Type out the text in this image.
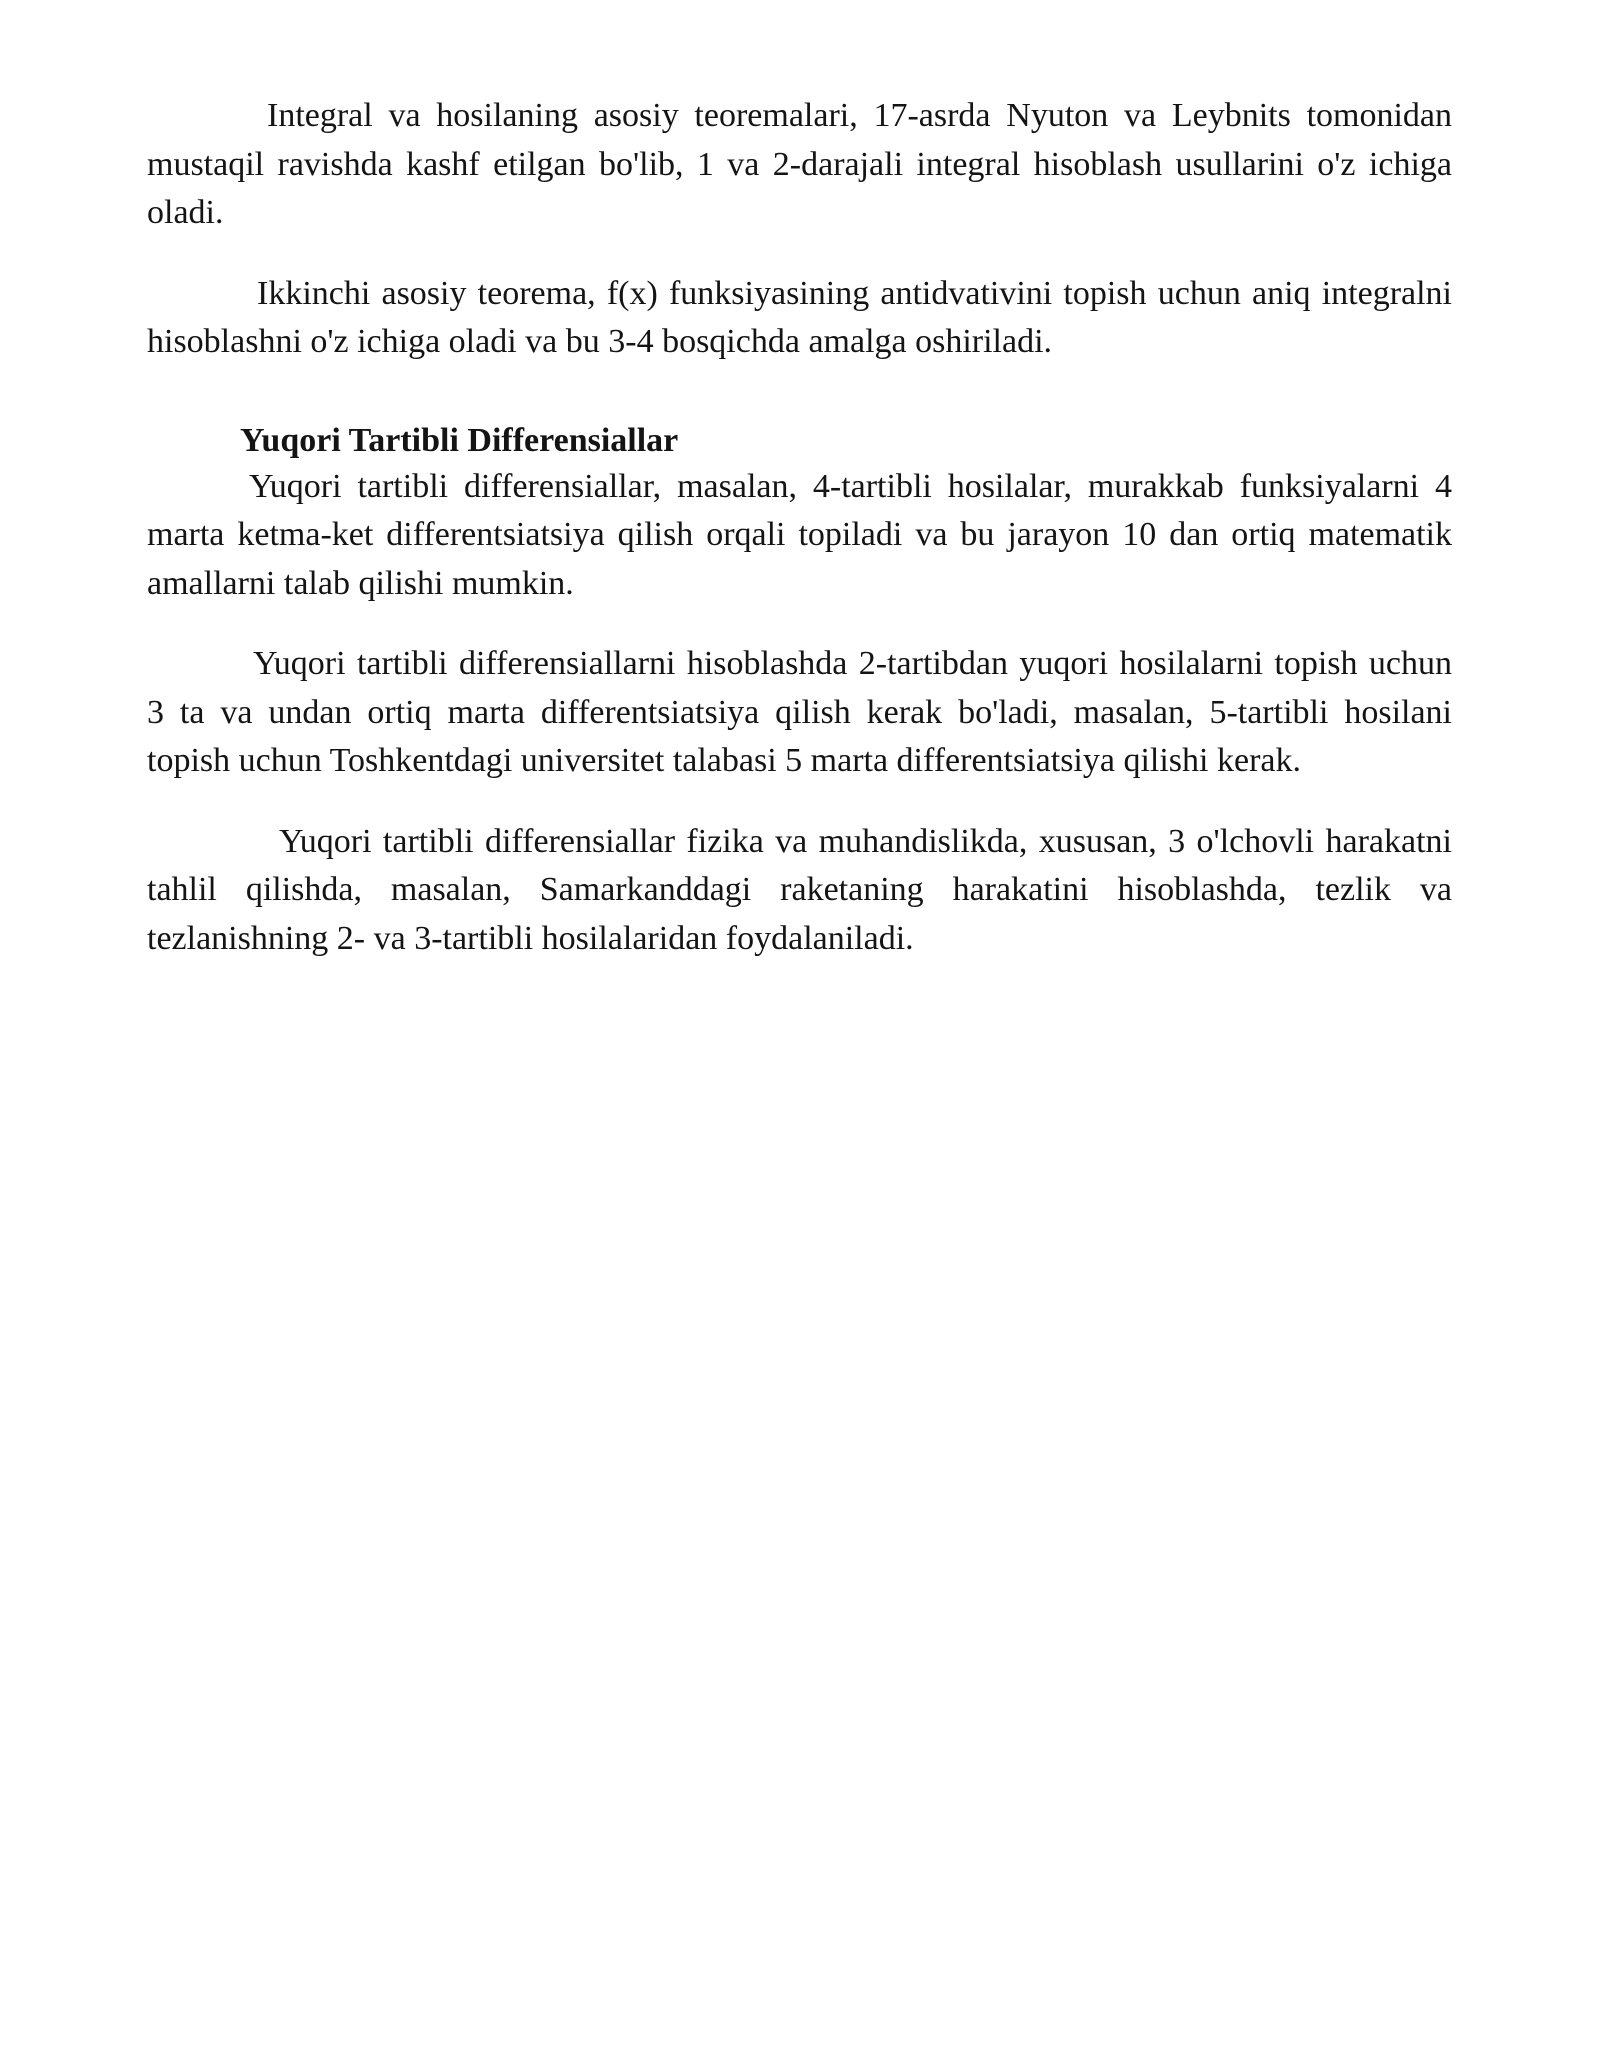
Integral va hosilaning asosiy teoremalari, 17-asrda Nyuton va Leybnits tomonidan mustaqil ravishda kashf etilgan bo'lib, 1 va 2-darajali integral hisoblash usullarini o'z ichiga oladi.

Ikkinchi asosiy teorema, f(x) funksiyasining antidvativini topish uchun aniq integralni hisoblashni o'z ichiga oladi va bu 3-4 bosqichda amalga oshiriladi.

Yuqori Tartibli Differensiallar

Yuqori tartibli differensiallar, masalan, 4-tartibli hosilalar, murakkab funksiyalarni 4 marta ketma-ket differentsiatsiya qilish orqali topiladi va bu jarayon 10 dan ortiq matematik amallarni talab qilishi mumkin.

Yuqori tartibli differensiallarni hisoblashda 2-tartibdan yuqori hosilalarni topish uchun 3 ta va undan ortiq marta differentsiatsiya qilish kerak bo'ladi, masalan, 5-tartibli hosilani topish uchun Toshkentdagi universitet talabasi 5 marta differentsiatsiya qilishi kerak.

Yuqori tartibli differensiallar fizika va muhandislikda, xususan, 3 o'lchovli harakatni tahlil qilishda, masalan, Samarkanddagi raketaning harakatini hisoblashda, tezlik va tezlanishning 2- va 3-tartibli hosilalaridan foydalaniladi.
